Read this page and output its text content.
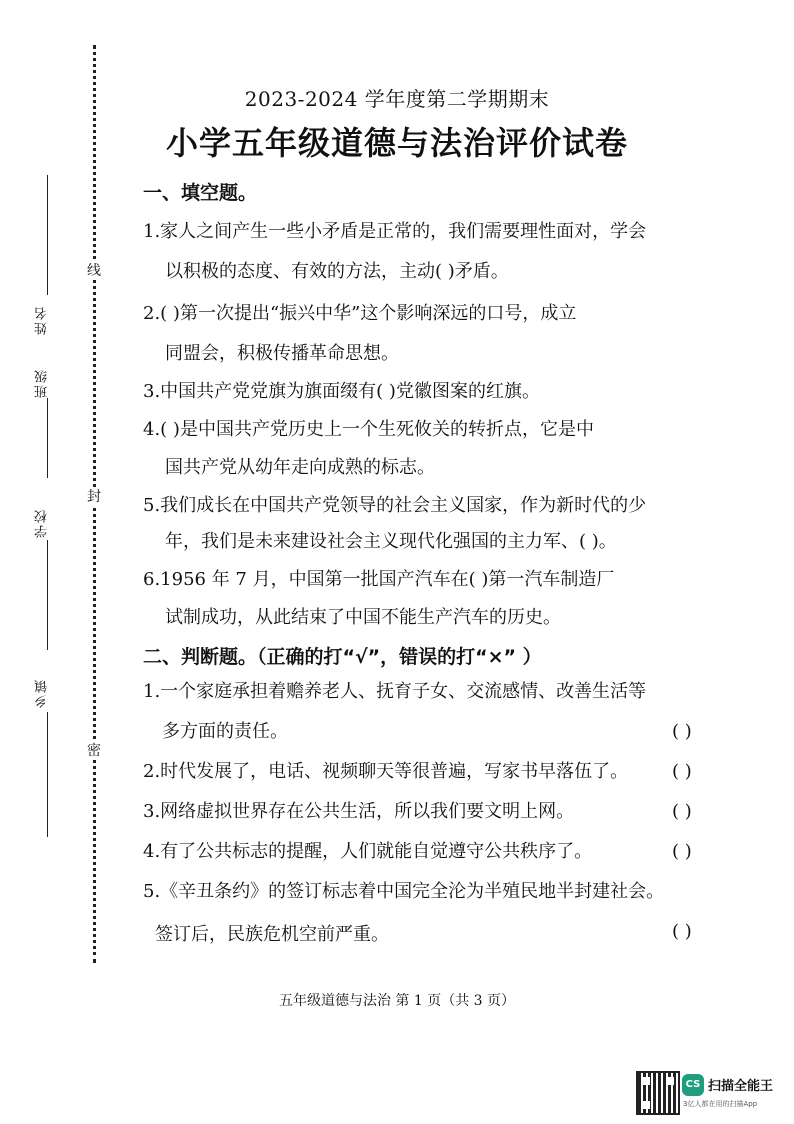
线
封
密
姓名
班级
学校
乡镇
2023-2024 学年度第二学期期末
小学五年级道德与法治评价试卷
一、填空题。
1.家人之间产生一些小矛盾是正常的，我们需要理性面对，学会
以积极的态度、有效的方法，主动( )矛盾。
2.( )第一次提出“振兴中华”这个影响深远的口号，成立
同盟会，积极传播革命思想。
3.中国共产党党旗为旗面缀有( )党徽图案的红旗。
4.( )是中国共产党历史上一个生死攸关的转折点，它是中
国共产党从幼年走向成熟的标志。
5.我们成长在中国共产党领导的社会主义国家，作为新时代的少
年，我们是未来建设社会主义现代化强国的主力军、( )。
6.1956 年 7 月，中国第一批国产汽车在( )第一汽车制造厂
试制成功，从此结束了中国不能生产汽车的历史。
二、判断题。（正确的打“√”，错误的打“×” ）
1.一个家庭承担着赡养老人、抚育子女、交流感情、改善生活等
多方面的责任。	( )
2.时代发展了，电话、视频聊天等很普遍，写家书早落伍了。 ( )
3.网络虚拟世界存在公共生活，所以我们要文明上网。	( )
4.有了公共标志的提醒，人们就能自觉遵守公共秩序了。	( )
5.《辛丑条约》的签订标志着中国完全沦为半殖民地半封建社会。
签订后，民族危机空前严重。	( )
五年级道德与法治 第 1 页（共 3 页）
CS 扫描全能王
3亿人都在用的扫描App
